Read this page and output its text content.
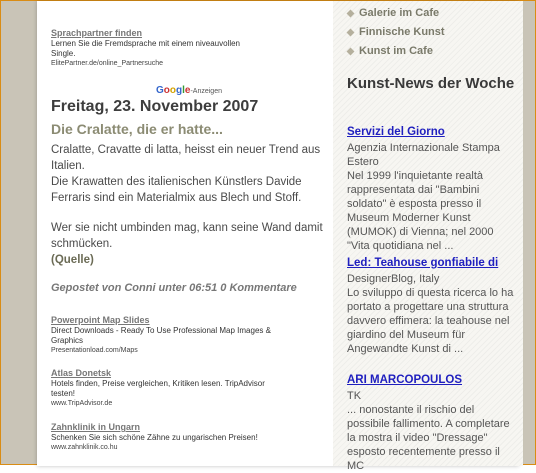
Sprachpartner finden
Lernen Sie die Fremdsprache mit einem niveauvollen Single.
ElitePartner.de/online_Partnersuche
Google-Anzeigen
Freitag, 23. November 2007
Die Cralatte, die er hatte...

Cralatte, Cravatte di latta, heisst ein neuer Trend aus Italien.

Die Krawatten des italienischen Künstlers Davide Ferraris sind ein Materialmix aus Blech und Stoff.

Wer sie nicht umbinden mag, kann seine Wand damit schmücken.

(Quelle)

Gepostet von Conni unter 06:51 0 Kommentare
Powerpoint Map Slides
Direct Downloads - Ready To Use Professional Map Images & Graphics
Presentationload.com/Maps
Atlas Donetsk
Hotels finden, Preise vergleichen, Kritiken lesen. TripAdvisor testen!
www.TripAdvisor.de
Zahnklinik in Ungarn
Schenken Sie sich schöne Zähne zu ungarischen Preisen!
www.zahnklinik.co.hu
Galerie im Cafe
Finnische Kunst
Kunst im Cafe
Kunst-News der Woche
Servizi del Giorno
Agenzia Internazionale Stampa Estero
Nel 1999 l'inquietante realtà rappresentata dai "Bambini soldato" è esposta presso il Museum Moderner Kunst (MUMOK) di Vienna; nel 2000 "Vita quotidiana nel ...
Led: Teahouse gonfiabile di
DesignerBlog, Italy
Lo sviluppo di questa ricerca lo ha portato a progettare una struttura davvero effimera: la teahouse nel giardino del Museum für Angewandte Kunst di ...
ARI MARCOPOULOS
TK
... nonostante il rischio del possibile fallimento. A completare la mostra il video "Dressage" esposto recentemente presso il MC
